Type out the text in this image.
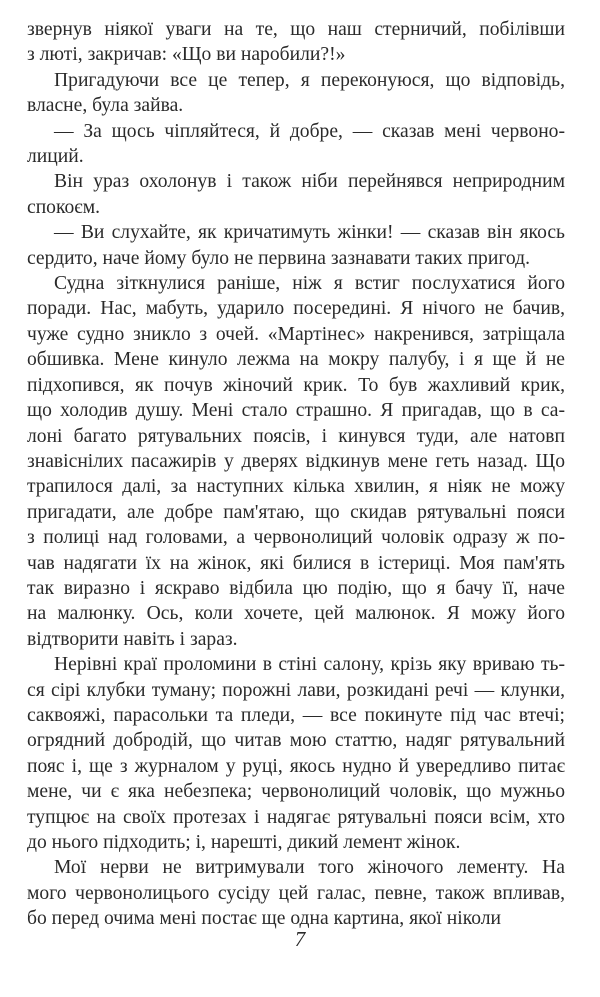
звернув ніякої уваги на те, що наш стерничий, побілівши
з люті, закричав: «Що ви наробили?!»
Пригадуючи все це тепер, я переконуюся, що відповідь,
власне, була зайва.
— За щось чіпляйтеся, й добре, — сказав мені червоно-
лиций.
Він ураз охолонув і також ніби перейнявся неприродним
спокоєм.
— Ви слухайте, як кричатимуть жінки! — сказав він якось
сердито, наче йому було не первина зазнавати таких пригод.
Судна зіткнулися раніше, ніж я встиг послухатися його
поради. Нас, мабуть, ударило посередині. Я нічого не бачив,
чуже судно зникло з очей. «Мартінес» накренився, затріщала
обшивка. Мене кинуло лежма на мокру палубу, і я ще й не
підхопився, як почув жіночий крик. То був жахливий крик,
що холодив душу. Мені стало страшно. Я пригадав, що в са-
лоні багато рятувальних поясів, і кинувся туди, але натовп
знавіснілих пасажирів у дверях відкинув мене геть назад. Що
трапилося далі, за наступних кілька хвилин, я ніяк не можу
пригадати, але добре пам'ятаю, що скидав рятувальні пояси
з полиці над головами, а червонолиций чоловік одразу ж по-
чав надягати їх на жінок, які билися в істериці. Моя пам'ять
так виразно і яскраво відбила цю подію, що я бачу її, наче
на малюнку. Ось, коли хочете, цей малюнок. Я можу його
відтворити навіть і зараз.
Нерівні краї проломини в стіні салону, крізь яку вриваю ть-
ся сірі клубки туману; порожні лави, розкидані речі — клунки,
саквояжі, парасольки та пледи, — все покинуте під час втечі;
огрядний добродій, що читав мою статтю, надяг рятувальний
пояс і, ще з журналом у руці, якось нудно й увередливо питає
мене, чи є яка небезпека; червонолиций чоловік, що мужньо
тупцює на своїх протезах і надягає рятувальні пояси всім, хто
до нього підходить; і, нарешті, дикий лемент жінок.
Мої нерви не витримували того жіночого лементу. На
мого червонолицього сусіду цей галас, певне, також впливав,
бо перед очима мені постає ще одна картина, якої ніколи
7
